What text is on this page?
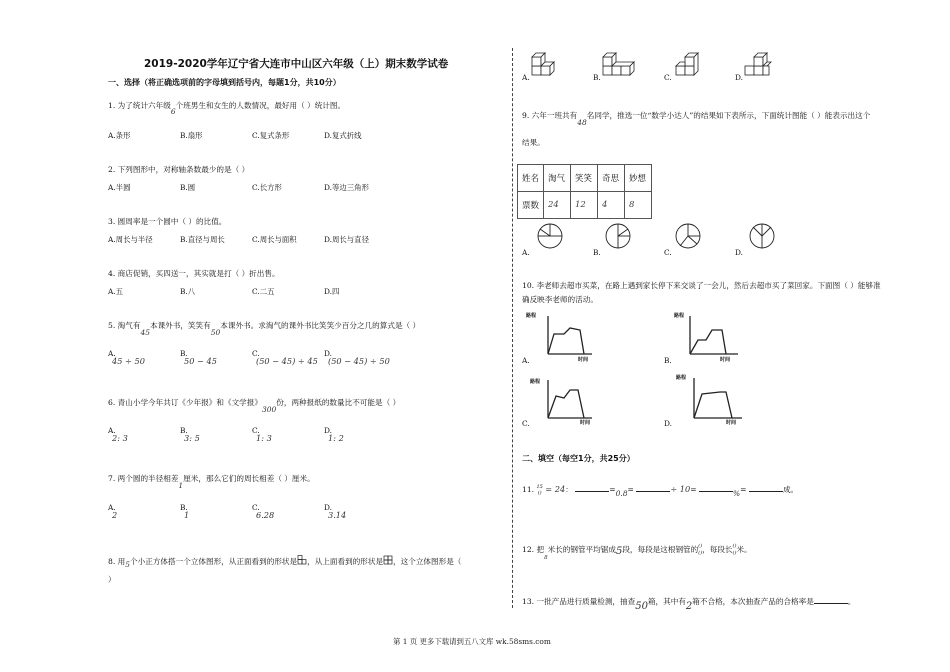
2019-2020学年辽宁省大连市中山区六年级（上）期末数学试卷
一、选择（将正确选项前的字母填到括号内，每题1分，共10分）
1. 为了统计六年级6个班男生和女生的人数情况，最好用（ ）统计图。
A.条形	B.扇形	C.复式条形	D.复式折线
2. 下列图形中，对称轴条数最少的是（ ）
A.半圆	B.圆	C.长方形	D.等边三角形
3. 圆周率是一个圆中（ ）的比值。
A.周长与半径	B.直径与周长	C.周长与面积	D.周长与直径
4. 商店促销，买四送一，其实就是打（ ）折出售。
A.五	B.八	C.二五	D.四
5. 淘气有45本课外书，笑笑有50本课外书。求淘气的课外书比笑笑少百分之几的算式是（ ）
A.
45 ÷ 50
B.
50 − 45
C.
(50 − 45) ÷ 45
D.
(50 − 45) ÷ 50
6. 青山小学今年共订《少年报》和《文学报》300份，两种报纸的数量比不可能是（ ）
A.
2: 3
B.
3: 5
C.
1: 3
D.
1: 2
7. 两个圆的半径相差1厘米，那么它们的周长相差（ ）厘米。
A.
2
B.
1
C.
6.28
D.
3.14
8. 用5个小正方体搭一个立体图形，从正面看到的形状是 ，从上面看到的形状是 ，这个立体图形是（
）
A.	B.	C.	D.
9. 六年一班共有48名同学，推选一位“数学小达人”的结果如下表所示，下面统计图能（ ）能表示出这个
结果。
姓名	淘气	笑笑	奇思	妙想
票数	24	12	4	8
A.	B.	C.	D.
10. 李老师去超市买菜，在路上遇到家长停下来交谈了一会儿，然后去超市买了菜回家。下面图（ ）能够准
确反映李老师的活动。
A.
路程
时间	B.
路程
时间
C.
路程
时间	D.
路程
时间
二、填空（每空1分，共25分）
11. 15
() = 24：	=0.8=	÷ 10=	%=	成。
12. 把$_8$米长的钢管平均锯成5段，每段是这根钢管的()
()，每段长()
()米。
13. 一批产品进行质量检测，抽查50箱，其中有2箱不合格，本次抽查产品的合格率是	。
第 1 页 更多下载请到五八文库 wk.58sms.com
